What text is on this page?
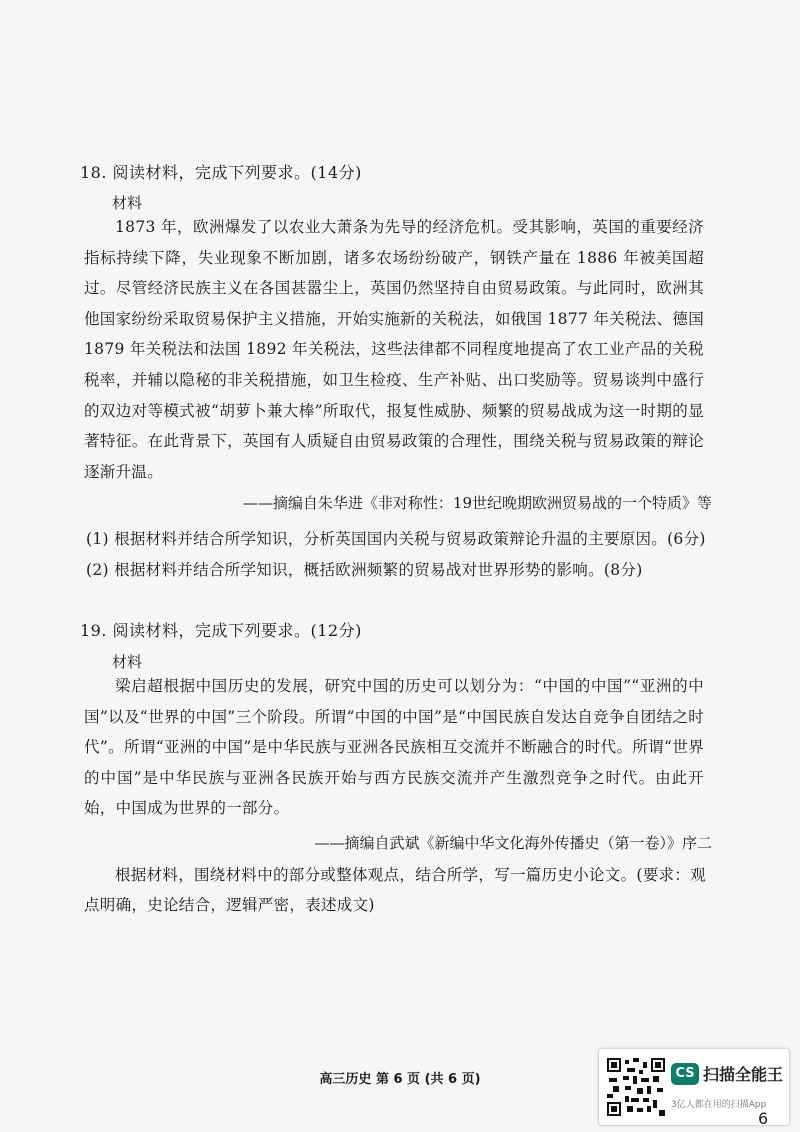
18. 阅读材料，完成下列要求。(14分)
材料
1873 年，欧洲爆发了以农业大萧条为先导的经济危机。受其影响，英国的重要经济指标持续下降，失业现象不断加剧，诸多农场纷纷破产，钢铁产量在 1886 年被美国超过。尽管经济民族主义在各国甚嚣尘上，英国仍然坚持自由贸易政策。与此同时，欧洲其他国家纷纷采取贸易保护主义措施，开始实施新的关税法，如俄国 1877 年关税法、德国 1879 年关税法和法国 1892 年关税法，这些法律都不同程度地提高了农工业产品的关税税率，并辅以隐秘的非关税措施，如卫生检疫、生产补贴、出口奖励等。贸易谈判中盛行的双边对等模式被“胡萝卜兼大棒”所取代，报复性威胁、频繁的贸易战成为这一时期的显著特征。在此背景下，英国有人质疑自由贸易政策的合理性，围绕关税与贸易政策的辩论逐渐升温。
——摘编自朱华进《非对称性：19世纪晚期欧洲贸易战的一个特质》等
(1) 根据材料并结合所学知识，分析英国国内关税与贸易政策辩论升温的主要原因。(6分)
(2) 根据材料并结合所学知识，概括欧洲频繁的贸易战对世界形势的影响。(8分)
19. 阅读材料，完成下列要求。(12分)
材料
梁启超根据中国历史的发展，研究中国的历史可以划分为：“中国的中国”“亚洲的中国”以及“世界的中国”三个阶段。所谓“中国的中国”是“中国民族自发达自竞争自团结之时代”。所谓“亚洲的中国”是中华民族与亚洲各民族相互交流并不断融合的时代。所谓“世界的中国”是中华民族与亚洲各民族开始与西方民族交流并产生激烈竞争之时代。由此开始，中国成为世界的一部分。
——摘编自武斌《新编中华文化海外传播史（第一卷）》序二
根据材料，围绕材料中的部分或整体观点，结合所学，写一篇历史小论文。(要求：观点明确，史论结合，逻辑严密，表述成文)
高三历史 第 6 页 (共 6 页)	CS 扫描全能王
3亿人都在用的扫描App
6
